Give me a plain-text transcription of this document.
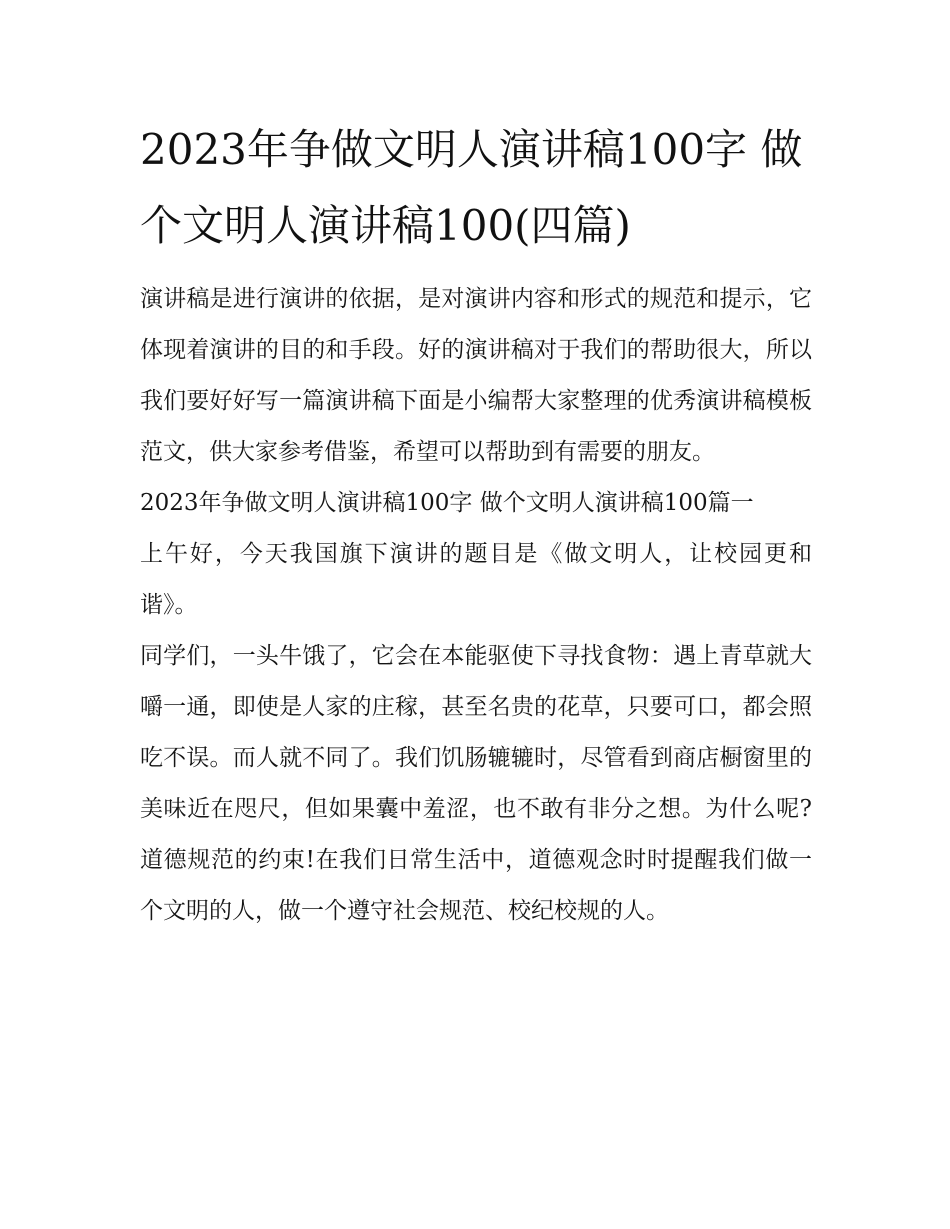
2023年争做文明人演讲稿100字 做个文明人演讲稿100(四篇)

演讲稿是进行演讲的依据，是对演讲内容和形式的规范和提示，它体现着演讲的目的和手段。好的演讲稿对于我们的帮助很大，所以我们要好好写一篇演讲稿下面是小编帮大家整理的优秀演讲稿模板范文，供大家参考借鉴，希望可以帮助到有需要的朋友。

2023年争做文明人演讲稿100字 做个文明人演讲稿100篇一

上午好，今天我国旗下演讲的题目是《做文明人，让校园更和谐》。

同学们，一头牛饿了，它会在本能驱使下寻找食物：遇上青草就大嚼一通，即使是人家的庄稼，甚至名贵的花草，只要可口，都会照吃不误。而人就不同了。我们饥肠辘辘时，尽管看到商店橱窗里的美味近在咫尺，但如果囊中羞涩，也不敢有非分之想。为什么呢?道德规范的约束!在我们日常生活中，道德观念时时提醒我们做一个文明的人，做一个遵守社会规范、校纪校规的人。
